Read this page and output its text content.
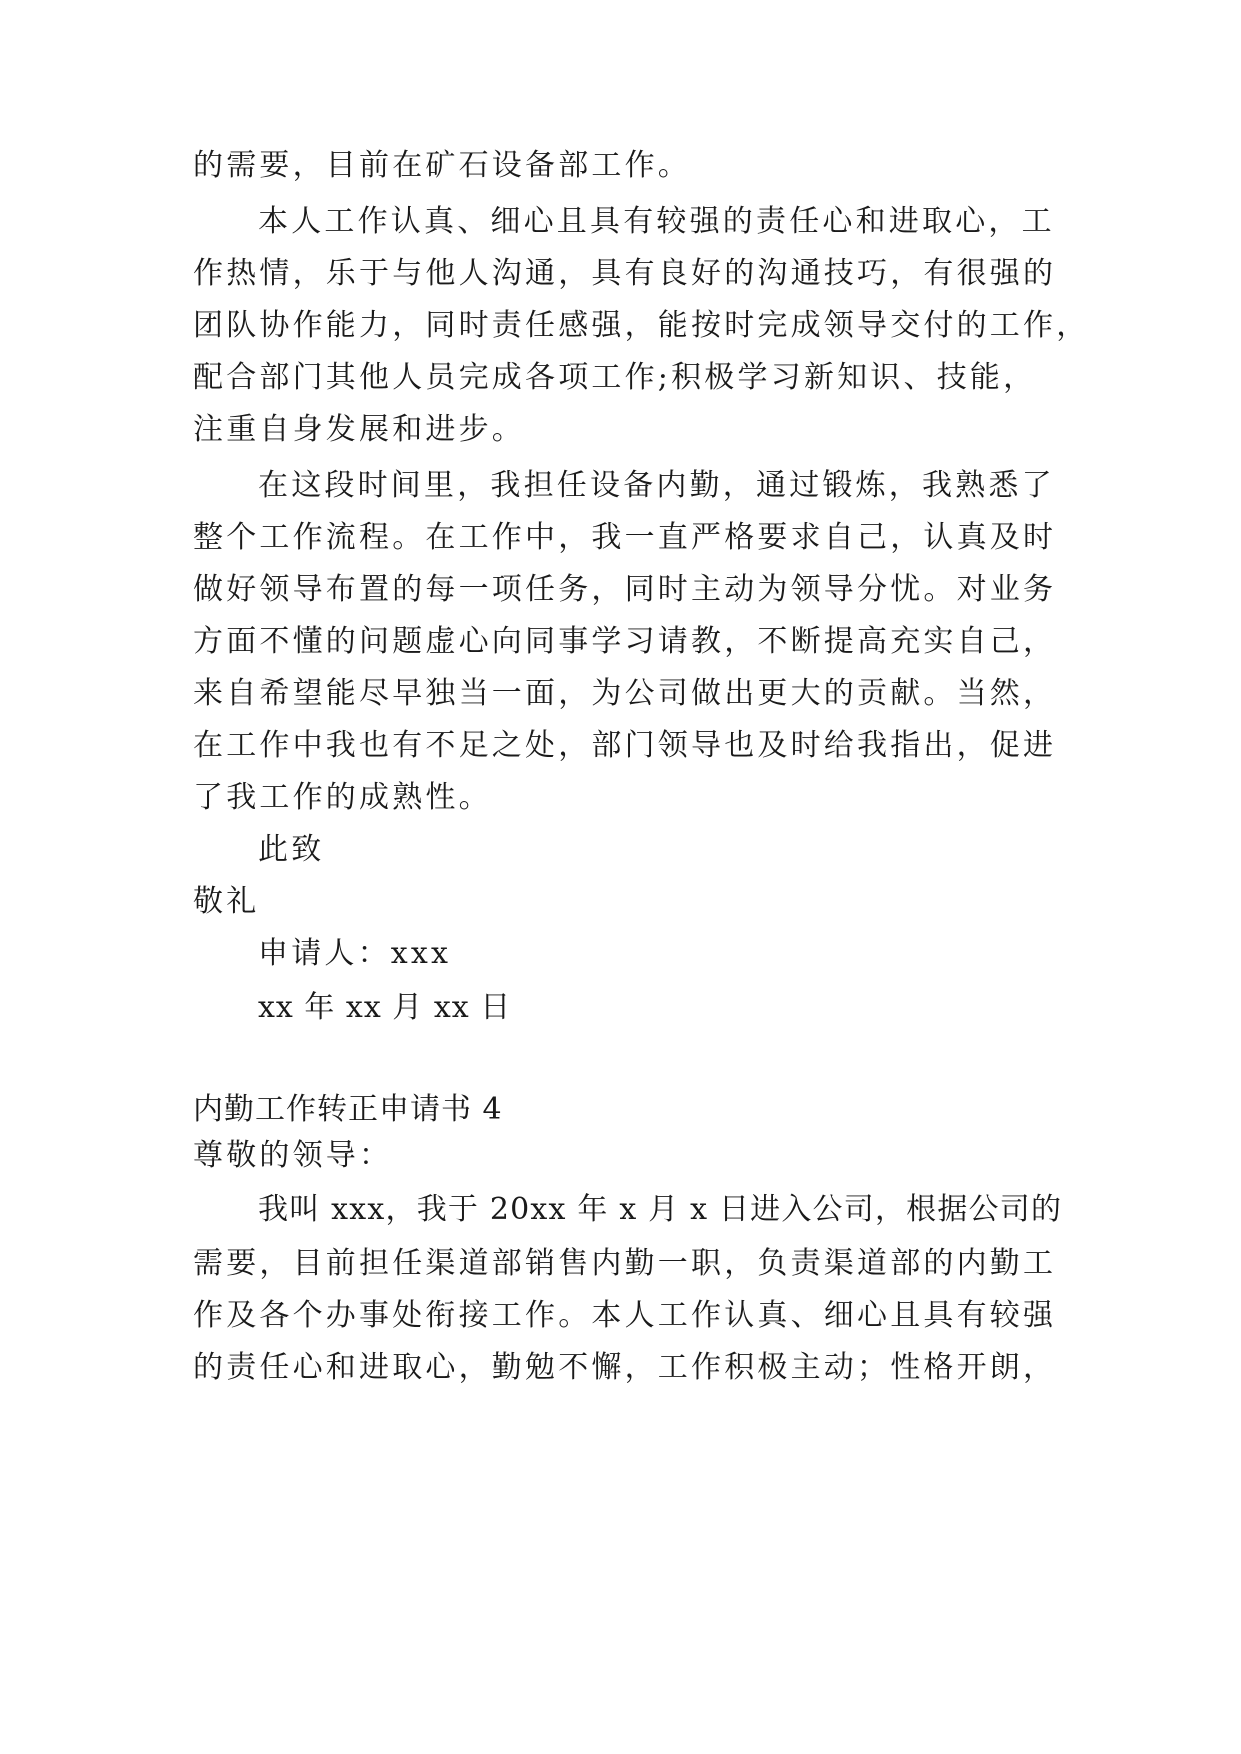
的需要，目前在矿石设备部工作。
本人工作认真、细心且具有较强的责任心和进取心，工
作热情，乐于与他人沟通，具有良好的沟通技巧，有很强的
团队协作能力，同时责任感强，能按时完成领导交付的工作，
配合部门其他人员完成各项工作;积极学习新知识、技能，
注重自身发展和进步。
在这段时间里，我担任设备内勤，通过锻炼，我熟悉了
整个工作流程。在工作中，我一直严格要求自己，认真及时
做好领导布置的每一项任务，同时主动为领导分忧。对业务
方面不懂的问题虚心向同事学习请教，不断提高充实自己，
来自希望能尽早独当一面，为公司做出更大的贡献。当然，
在工作中我也有不足之处，部门领导也及时给我指出，促进
了我工作的成熟性。
此致
敬礼
申请人：xxx
xx 年 xx 月 xx 日
内勤工作转正申请书 4
尊敬的领导：
我叫 xxx，我于 20xx 年 x 月 x 日进入公司，根据公司的
需要，目前担任渠道部销售内勤一职，负责渠道部的内勤工
作及各个办事处衔接工作。本人工作认真、细心且具有较强
的责任心和进取心，勤勉不懈，工作积极主动；性格开朗，
